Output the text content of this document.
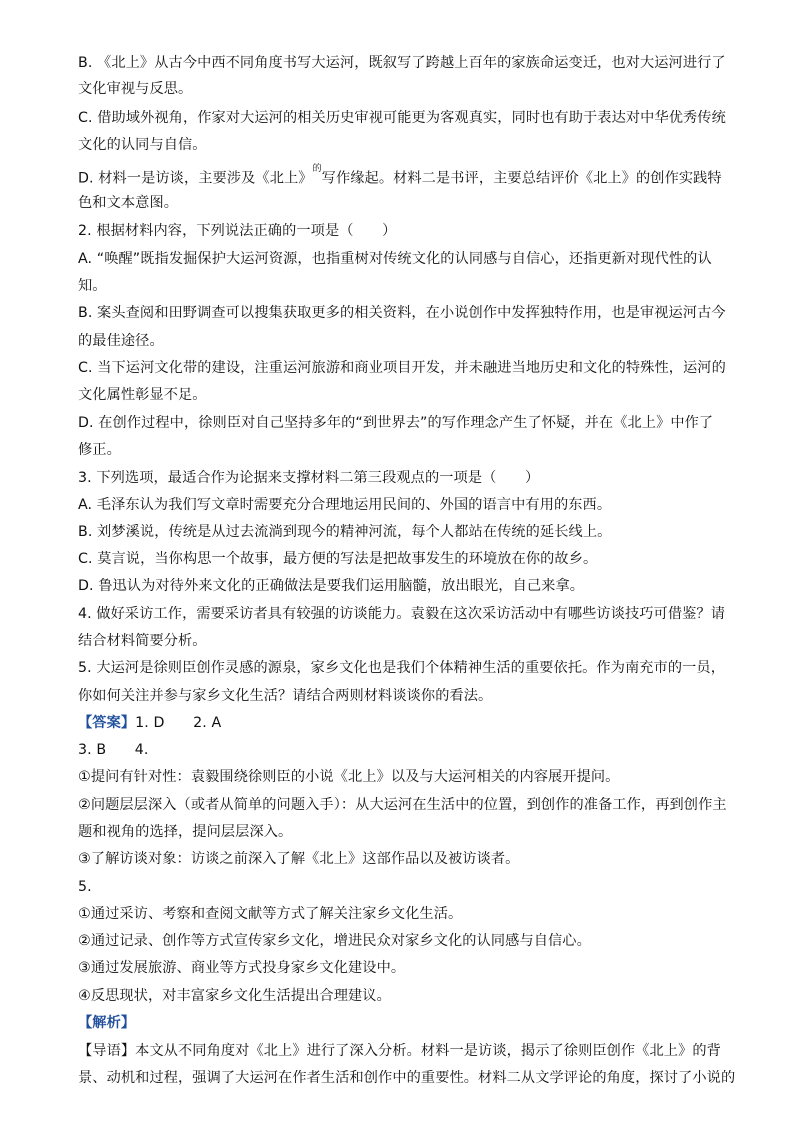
B. 《北上》从古今中西不同角度书写大运河，既叙写了跨越上百年的家族命运变迁，也对大运河进行了
文化审视与反思。
C. 借助域外视角，作家对大运河的相关历史审视可能更为客观真实，同时也有助于表达对中华优秀传统
文化的认同与自信。
D. 材料一是访谈，主要涉及《北上》$^的$写作缘起。材料二是书评，主要总结评价《北上》的创作实践特
色和文本意图。
2. 根据材料内容，下列说法正确的一项是（　　）
A. “唤醒”既指发掘保护大运河资源，也指重树对传统文化的认同感与自信心，还指更新对现代性的认
知。
B. 案头查阅和田野调查可以搜集获取更多的相关资料，在小说创作中发挥独特作用，也是审视运河古今
的最佳途径。
C. 当下运河文化带的建设，注重运河旅游和商业项目开发，并未融进当地历史和文化的特殊性，运河的
文化属性彰显不足。
D. 在创作过程中，徐则臣对自己坚持多年的“到世界去”的写作理念产生了怀疑，并在《北上》中作了
修正。
3. 下列选项，最适合作为论据来支撑材料二第三段观点的一项是（　　）
A. 毛泽东认为我们写文章时需要充分合理地运用民间的、外国的语言中有用的东西。
B. 刘梦溪说，传统是从过去流淌到现今的精神河流，每个人都站在传统的延长线上。
C. 莫言说，当你构思一个故事，最方便的写法是把故事发生的环境放在你的故乡。
D. 鲁迅认为对待外来文化的正确做法是要我们运用脑髓，放出眼光，自己来拿。
4. 做好采访工作，需要采访者具有较强的访谈能力。袁毅在这次采访活动中有哪些访谈技巧可借鉴？请
结合材料简要分析。
5. 大运河是徐则臣创作灵感的源泉，家乡文化也是我们个体精神生活的重要依托。作为南充市的一员，
你如何关注并参与家乡文化生活？请结合两则材料谈谈你的看法。
【答案】1. D　　2. A
3. B　　4.
①提问有针对性：袁毅围绕徐则臣的小说《北上》以及与大运河相关的内容展开提问。
②问题层层深入（或者从简单的问题入手）：从大运河在生活中的位置，到创作的准备工作，再到创作主
题和视角的选择，提问层层深入。
③了解访谈对象：访谈之前深入了解《北上》这部作品以及被访谈者。
5.
①通过采访、考察和查阅文献等方式了解关注家乡文化生活。
②通过记录、创作等方式宣传家乡文化，增进民众对家乡文化的认同感与自信心。
③通过发展旅游、商业等方式投身家乡文化建设中。
④反思现状，对丰富家乡文化生活提出合理建议。
【解析】
【导语】本文从不同角度对《北上》进行了深入分析。材料一是访谈，揭示了徐则臣创作《北上》的背
景、动机和过程，强调了大运河在作者生活和创作中的重要性。材料二从文学评论的角度，探讨了小说的
